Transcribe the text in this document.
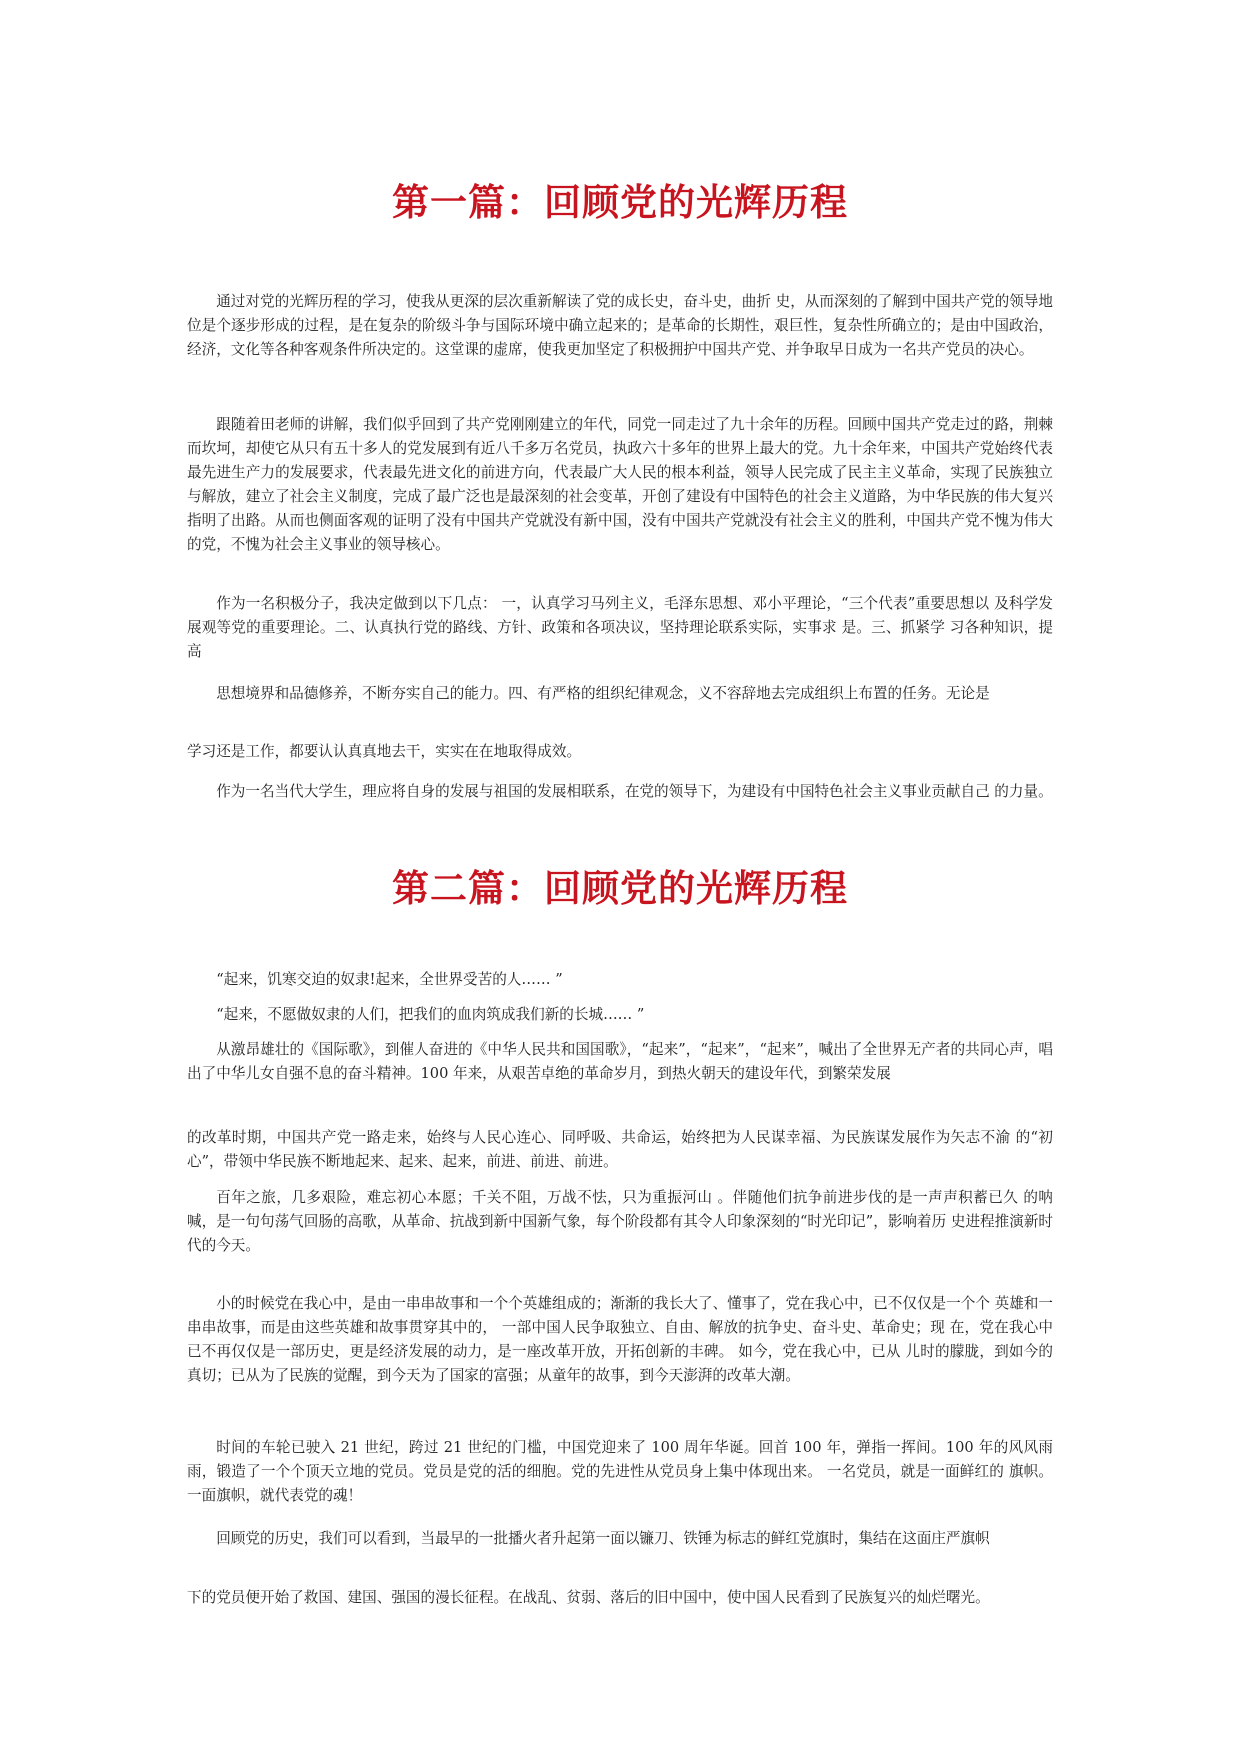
第一篇：回顾党的光辉历程

通过对党的光辉历程的学习，使我从更深的层次重新解读了党的成长史，奋斗史，曲折 史，从而深刻的了解到中国共产党的领导地位是个逐步形成的过程，是在复杂的阶级斗争与国际环境中确立起来的；是革命的长期性，艰巨性，复杂性所确立的；是由中国政治，经济，文化等各种客观条件所决定的。这堂课的虚席，使我更加坚定了积极拥护中国共产党、并争取早日成为一名共产党员的决心。

跟随着田老师的讲解，我们似乎回到了共产党刚刚建立的年代，同党一同走过了九十余年的历程。回顾中国共产党走过的路，荆棘而坎坷，却使它从只有五十多人的党发展到有近八千多万名党员，执政六十多年的世界上最大的党。九十余年来，中国共产党始终代表最先进生产力的发展要求，代表最先进文化的前进方向，代表最广大人民的根本利益，领导人民完成了民主主义革命，实现了民族独立与解放，建立了社会主义制度，完成了最广泛也是最深刻的社会变革，开创了建设有中国特色的社会主义道路，为中华民族的伟大复兴指明了出路。从而也侧面客观的证明了没有中国共产党就没有新中国，没有中国共产党就没有社会主义的胜利，中国共产党不愧为伟大的党，不愧为社会主义事业的领导核心。

作为一名积极分子，我决定做到以下几点： 一，认真学习马列主义，毛泽东思想、邓小平理论，“三个代表”重要思想以 及科学发展观等党的重要理论。二、认真执行党的路线、方针、政策和各项决议，坚持理论联系实际，实事求 是。三、抓紧学 习各种知识，提高

思想境界和品德修养，不断夯实自己的能力。四、有严格的组织纪律观念，义不容辞地去完成组织上布置的任务。无论是

学习还是工作，都要认认真真地去干，实实在在地取得成效。

作为一名当代大学生，理应将自身的发展与祖国的发展相联系，在党的领导下，为建设有中国特色社会主义事业贡献自己 的力量。

第二篇：回顾党的光辉历程

“起来，饥寒交迫的奴隶!起来，全世界受苦的人…… ”

“起来，不愿做奴隶的人们，把我们的血肉筑成我们新的长城…… ”

从激昂雄壮的《国际歌》，到催人奋进的《中华人民共和国国歌》，“起来”，“起来”，“起来”，喊出了全世界无产者的共同心声，唱出了中华儿女自强不息的奋斗精神。100 年来，从艰苦卓绝的革命岁月，到热火朝天的建设年代，到繁荣发展

的改革时期，中国共产党一路走来，始终与人民心连心、同呼吸、共命运，始终把为人民谋幸福、为民族谋发展作为矢志不渝 的“初心”，带领中华民族不断地起来、起来、起来，前进、前进、前进。

百年之旅，几多艰险，难忘初心本愿；千关不阻，万战不怯，只为重振河山 。伴随他们抗争前进步伐的是一声声积蓄已久 的呐喊，是一句句荡气回肠的高歌，从革命、抗战到新中国新气象，每个阶段都有其令人印象深刻的“时光印记”，影响着历 史进程推演新时代的今天。

小的时候党在我心中，是由一串串故事和一个个英雄组成的；渐渐的我长大了、懂事了，党在我心中，已不仅仅是一个个 英雄和一串串故事，而是由这些英雄和故事贯穿其中的， 一部中国人民争取独立、自由、解放的抗争史、奋斗史、革命史；现 在，党在我心中已不再仅仅是一部历史，更是经济发展的动力，是一座改革开放，开拓创新的丰碑。 如今，党在我心中，已从 儿时的朦胧，到如今的真切；已从为了民族的觉醒，到今天为了国家的富强；从童年的故事，到今天澎湃的改革大潮。

时间的车轮已驶入 21 世纪，跨过 21 世纪的门槛，中国党迎来了 100 周年华诞。回首 100 年，弹指一挥间。100 年的风风雨 雨，锻造了一个个顶天立地的党员。党员是党的活的细胞。党的先进性从党员身上集中体现出来。 一名党员，就是一面鲜红的 旗帜。 一面旗帜，就代表党的魂！

回顾党的历史，我们可以看到，当最早的一批播火者升起第一面以镰刀、铁锤为标志的鲜红党旗时，集结在这面庄严旗帜

下的党员便开始了救国、建国、强国的漫长征程。在战乱、贫弱、落后的旧中国中，使中国人民看到了民族复兴的灿烂曙光。
